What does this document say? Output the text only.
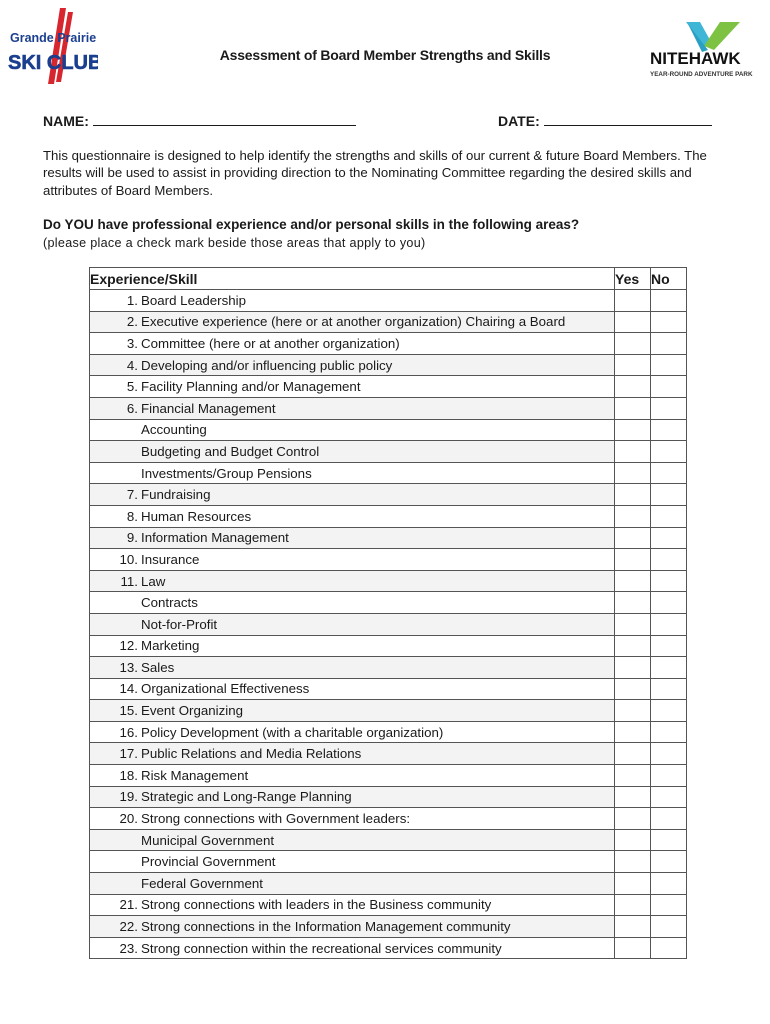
Grande Prairie
SKI CLUB	NITEHAWK
YEAR-ROUND ADVENTURE PARK
Assessment of Board Member Strengths and Skills
NAME:	DATE:
This questionnaire is designed to help identify the strengths and skills of our current & future Board Members. The results will be used to assist in providing direction to the Nominating Committee regarding the desired skills and attributes of Board Members.
Do YOU have professional experience and/or personal skills in the following areas?
(please place a check mark beside those areas that apply to you)
Experience/Skill	Yes	No
1. Board Leadership		
2. Executive experience (here or at another organization) Chairing a Board		
3. Committee (here or at another organization)		
4. Developing and/or influencing public policy		
5. Facility Planning and/or Management		
6. Financial Management		
Accounting		
Budgeting and Budget Control		
Investments/Group Pensions		
7. Fundraising		
8. Human Resources		
9. Information Management		
10. Insurance		
11. Law		
Contracts		
Not-for-Profit		
12. Marketing		
13. Sales		
14. Organizational Effectiveness		
15. Event Organizing		
16. Policy Development (with a charitable organization)		
17. Public Relations and Media Relations		
18. Risk Management		
19. Strategic and Long-Range Planning		
20. Strong connections with Government leaders:		
Municipal Government		
Provincial Government		
Federal Government		
21. Strong connections with leaders in the Business community		
22. Strong connections in the Information Management community		
23. Strong connection within the recreational services community		
